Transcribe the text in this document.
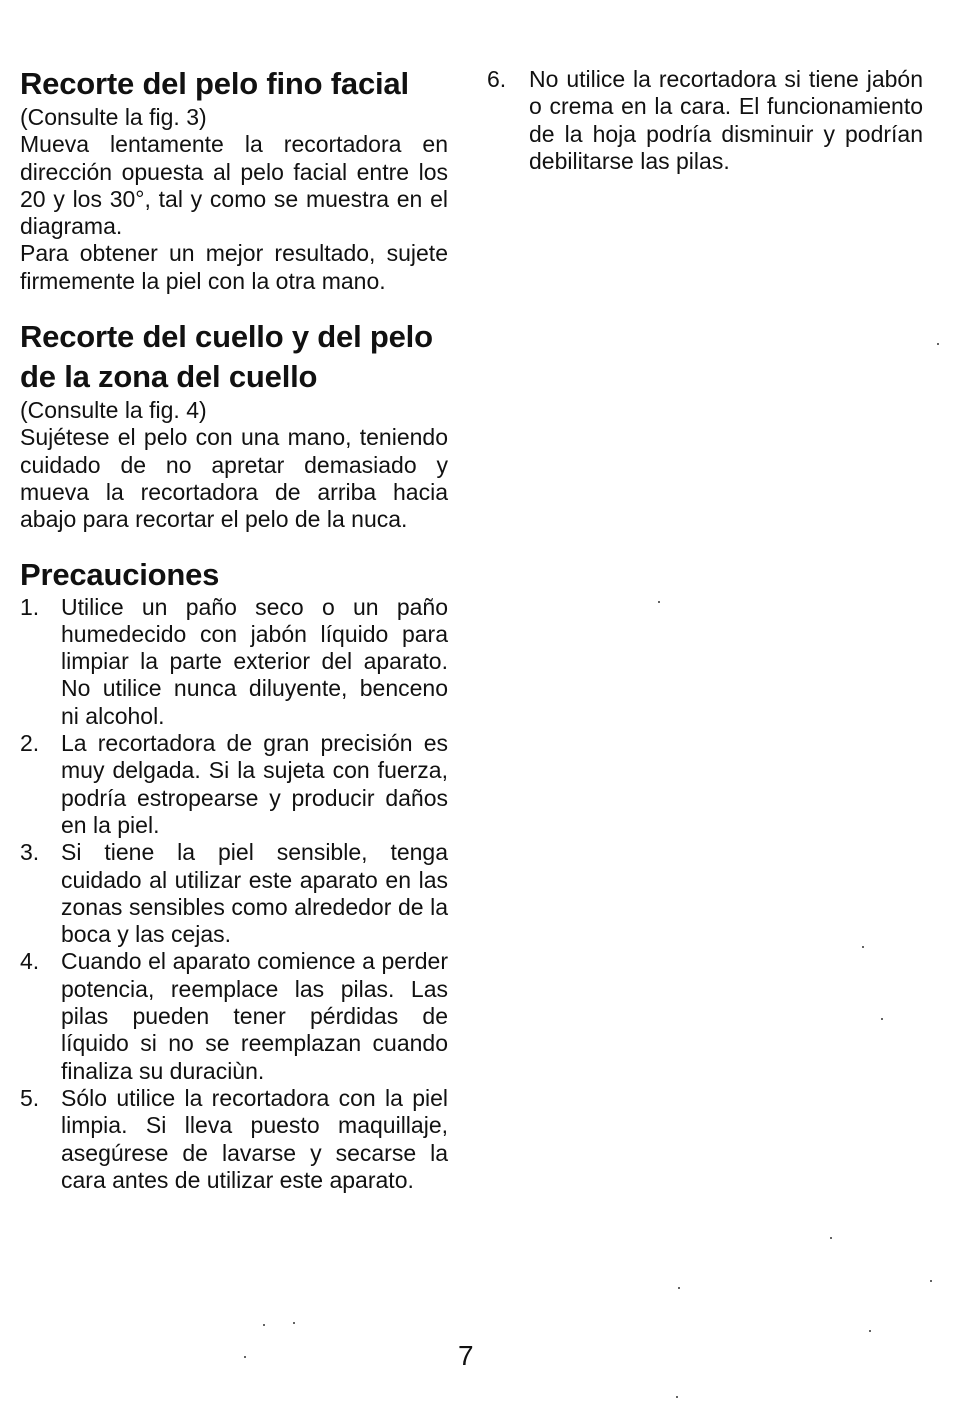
Recorte del pelo fino facial

(Consulte la fig. 3)

Mueva lentamente la recortadora en dirección opuesta al pelo facial entre los 20 y los 30°, tal y como se muestra en el diagrama.

Para obtener un mejor resultado, sujete firmemente la piel con la otra mano.

Recorte del cuello y del pelo de la zona del cuello

(Consulte la fig. 4)

Sujétese el pelo con una mano, teniendo cuidado de no apretar demasiado y mueva la recortadora de arriba hacia abajo para recortar el pelo de la nuca.

Precauciones
1. Utilice un paño seco o un paño humedecido con jabón líquido para limpiar la parte exterior del aparato. No utilice nunca diluyente, benceno ni alcohol.
2. La recortadora de gran precisión es muy delgada. Si la sujeta con fuerza, podría estropearse y producir daños en la piel.
3. Si tiene la piel sensible, tenga cuidado al utilizar este aparato en las zonas sensibles como alrededor de la boca y las cejas.
4. Cuando el aparato comience a perder potencia, reemplace las pilas. Las pilas pueden tener pérdidas de líquido si no se reemplazan cuando finaliza su duraciùn.
5. Sólo utilice la recortadora con la piel limpia. Si lleva puesto maquillaje, asegúrese de lavarse y secarse la cara antes de utilizar este aparato.
6. No utilice la recortadora si tiene jabón o crema en la cara. El funcionamiento de la hoja podría disminuir y podrían debilitarse las pilas.
7
